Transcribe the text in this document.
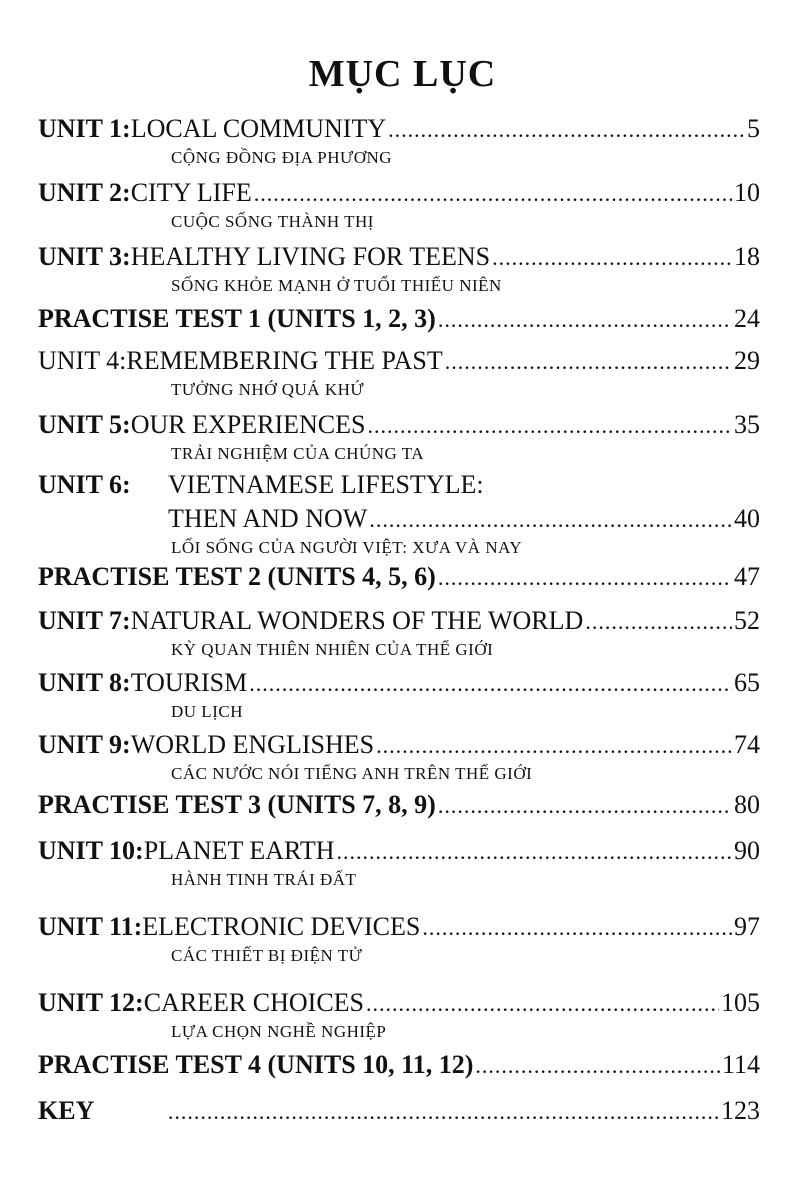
MỤC LỤC
UNIT 1: LOCAL COMMUNITY .....	5
CỘNG ĐỒNG ĐỊA PHƯƠNG
UNIT 2: CITY LIFE .....	10
CUỘC SỐNG THÀNH THỊ
UNIT 3: HEALTHY LIVING FOR TEENS .....	18
SỐNG KHỎE MẠNH Ở TUỔI THIẾU NIÊN
PRACTISE TEST 1 (UNITS 1, 2, 3) .....	24
UNIT 4: REMEMBERING THE PAST .....	29
TƯỞNG NHỚ QUÁ KHỨ
UNIT 5: OUR EXPERIENCES .....	35
TRẢI NGHIỆM CỦA CHÚNG TA
UNIT 6:	VIETNAMESE LIFESTYLE:
THEN AND NOW .....	40
LỐI SỐNG CỦA NGƯỜI VIỆT: XƯA VÀ NAY
PRACTISE TEST 2 (UNITS 4, 5, 6) .....	47
UNIT 7: NATURAL WONDERS OF THE WORLD .....	52
KỲ QUAN THIÊN NHIÊN CỦA THẾ GIỚI
UNIT 8: TOURISM .....	65
DU LỊCH
UNIT 9: WORLD ENGLISHES .....	74
CÁC NƯỚC NÓI TIẾNG ANH TRÊN THẾ GIỚI
PRACTISE TEST 3 (UNITS 7, 8, 9) .....	80
UNIT 10: PLANET EARTH .....	90
HÀNH TINH TRÁI ĐẤT
UNIT 11: ELECTRONIC DEVICES .....	97
CÁC THIẾT BỊ ĐIỆN TỬ
UNIT 12: CAREER CHOICES .....	105
LỰA CHỌN NGHỀ NGHIỆP
PRACTISE TEST 4 (UNITS 10, 11, 12) .....	114
KEY .....	123
